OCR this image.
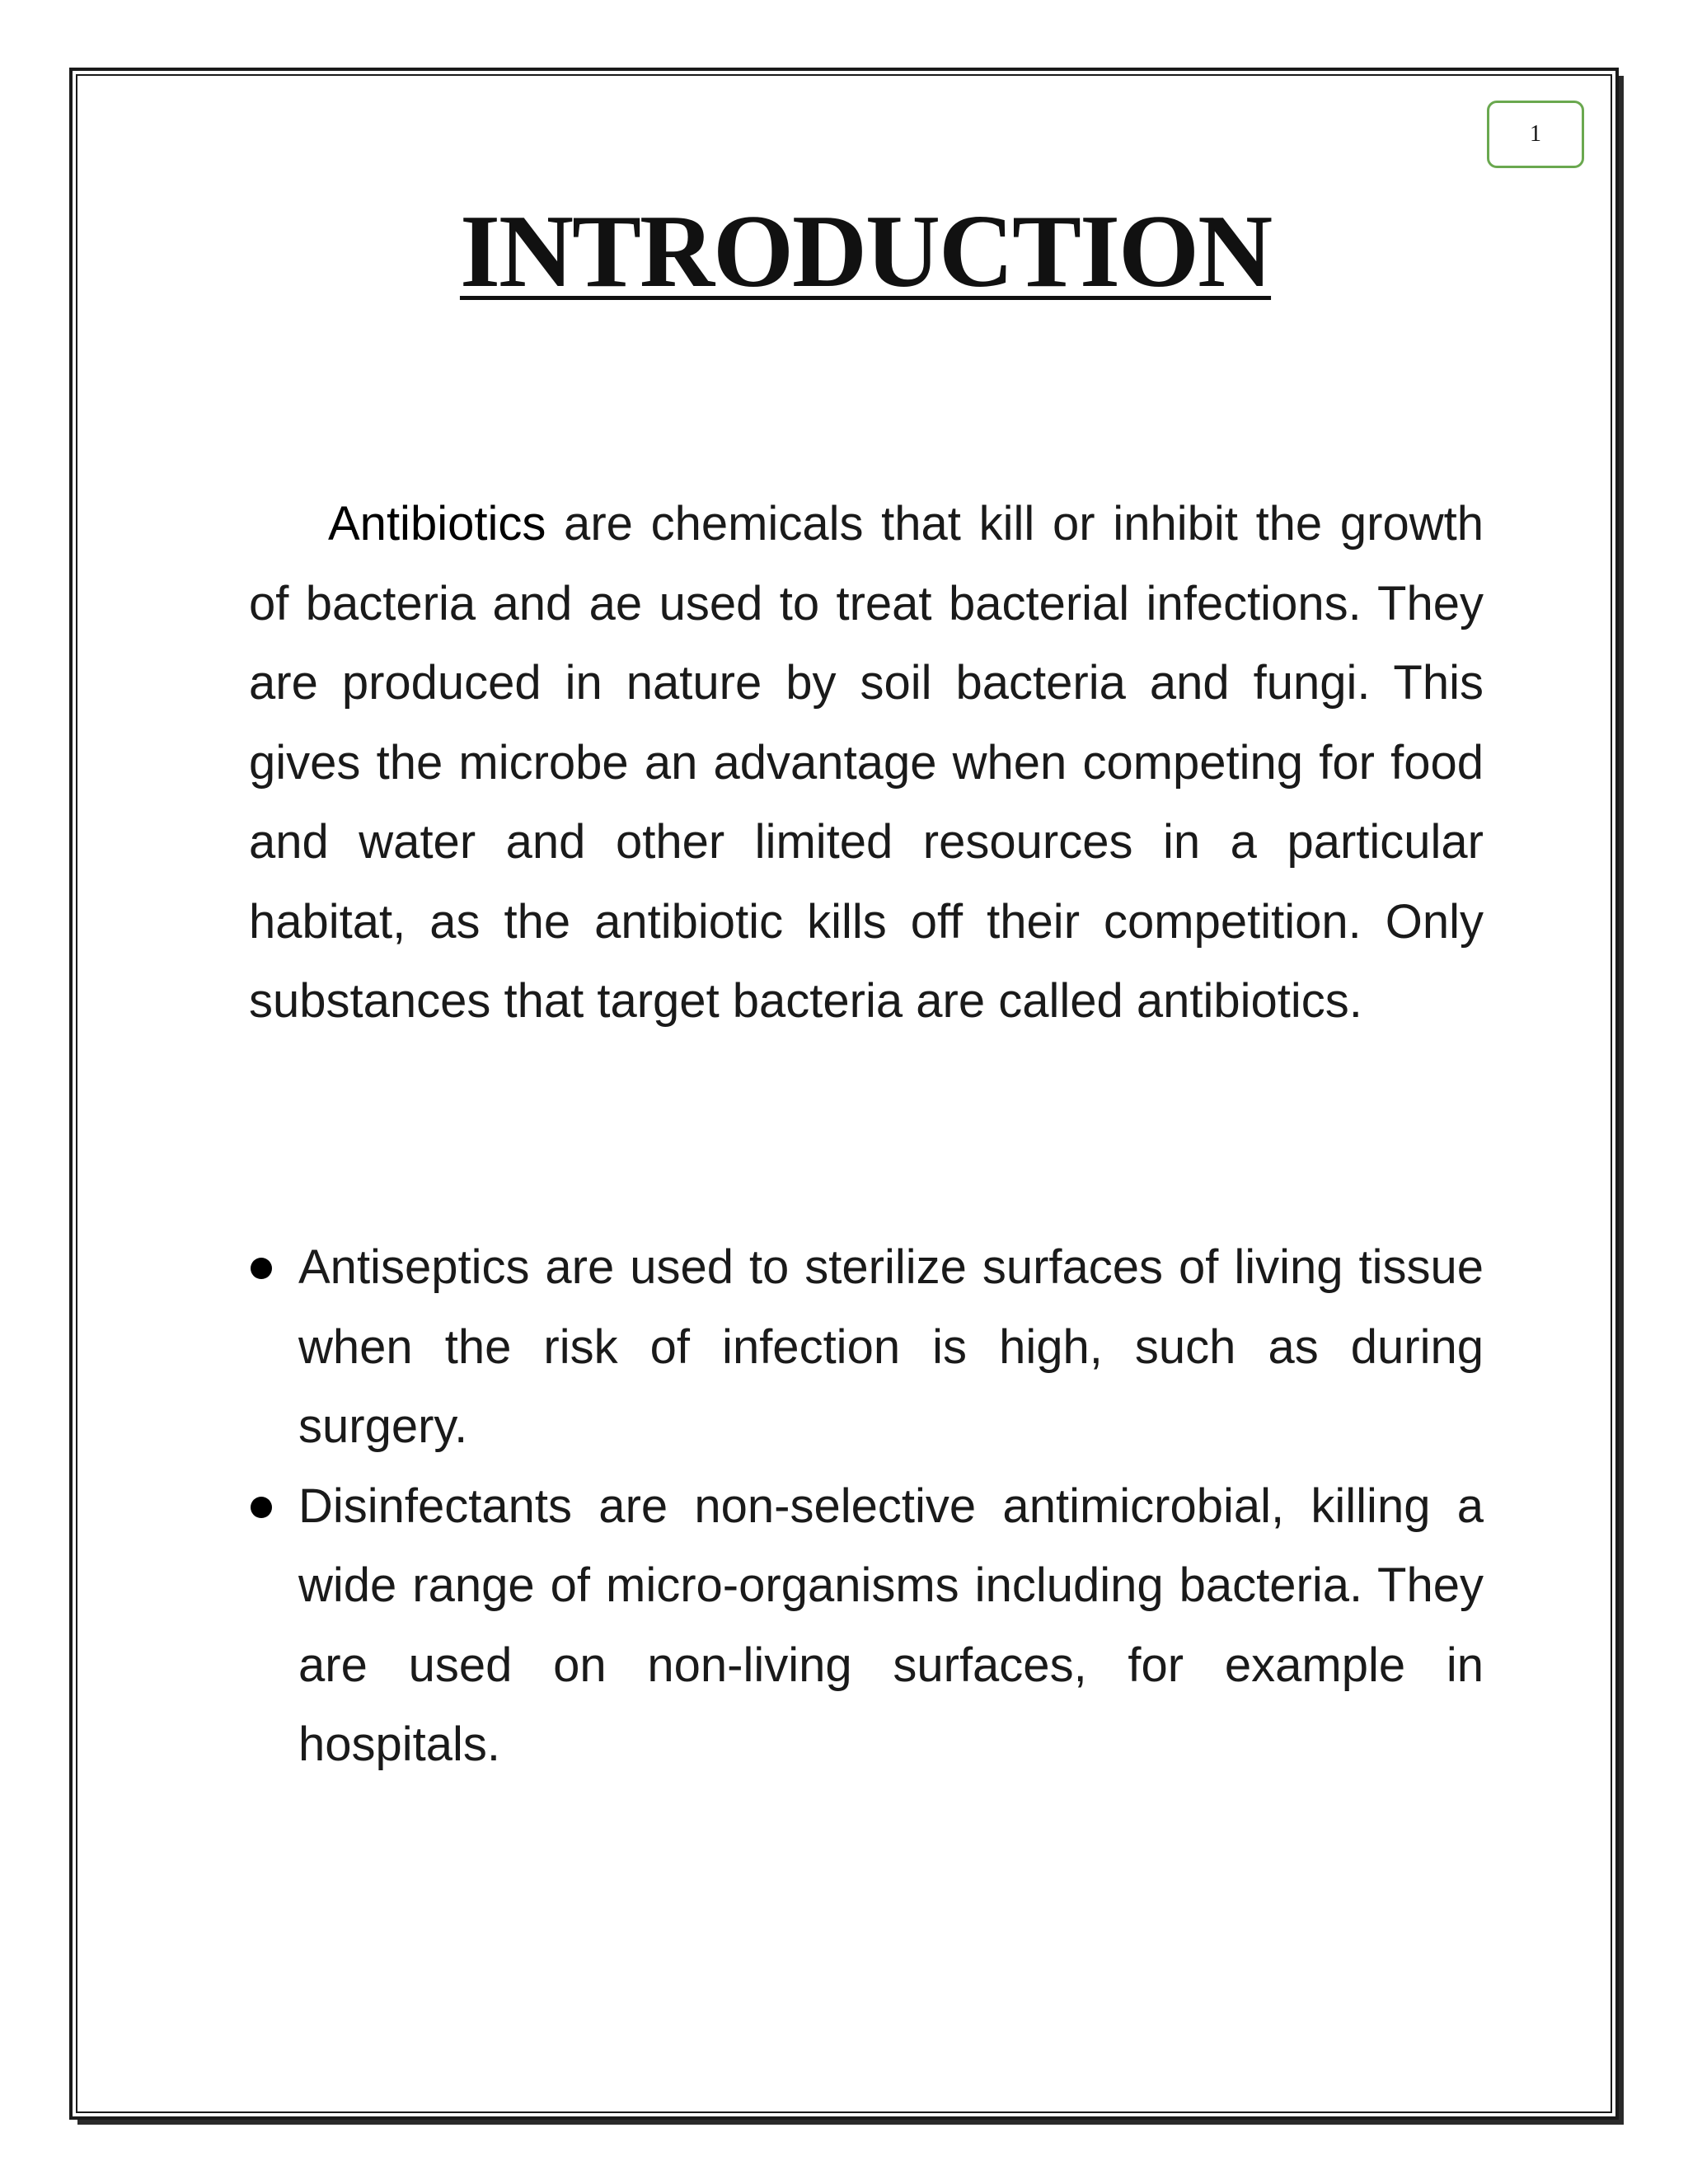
1
INTRODUCTION

Antibiotics are chemicals that kill or inhibit the growth of bacteria and ae used to treat bacterial infections. They are produced in nature by soil bacteria and fungi. This gives the microbe an advantage when competing for food and water and other limited resources in a particular habitat, as the antibiotic kills off their competition. Only substances that target bacteria are called antibiotics.

Antiseptics are used to sterilize surfaces of living tissue when the risk of infection is high, such as during surgery.
Disinfectants are non-selective antimicrobial, killing a wide range of micro-organisms including bacteria. They are used on non-living surfaces, for example in hospitals.
